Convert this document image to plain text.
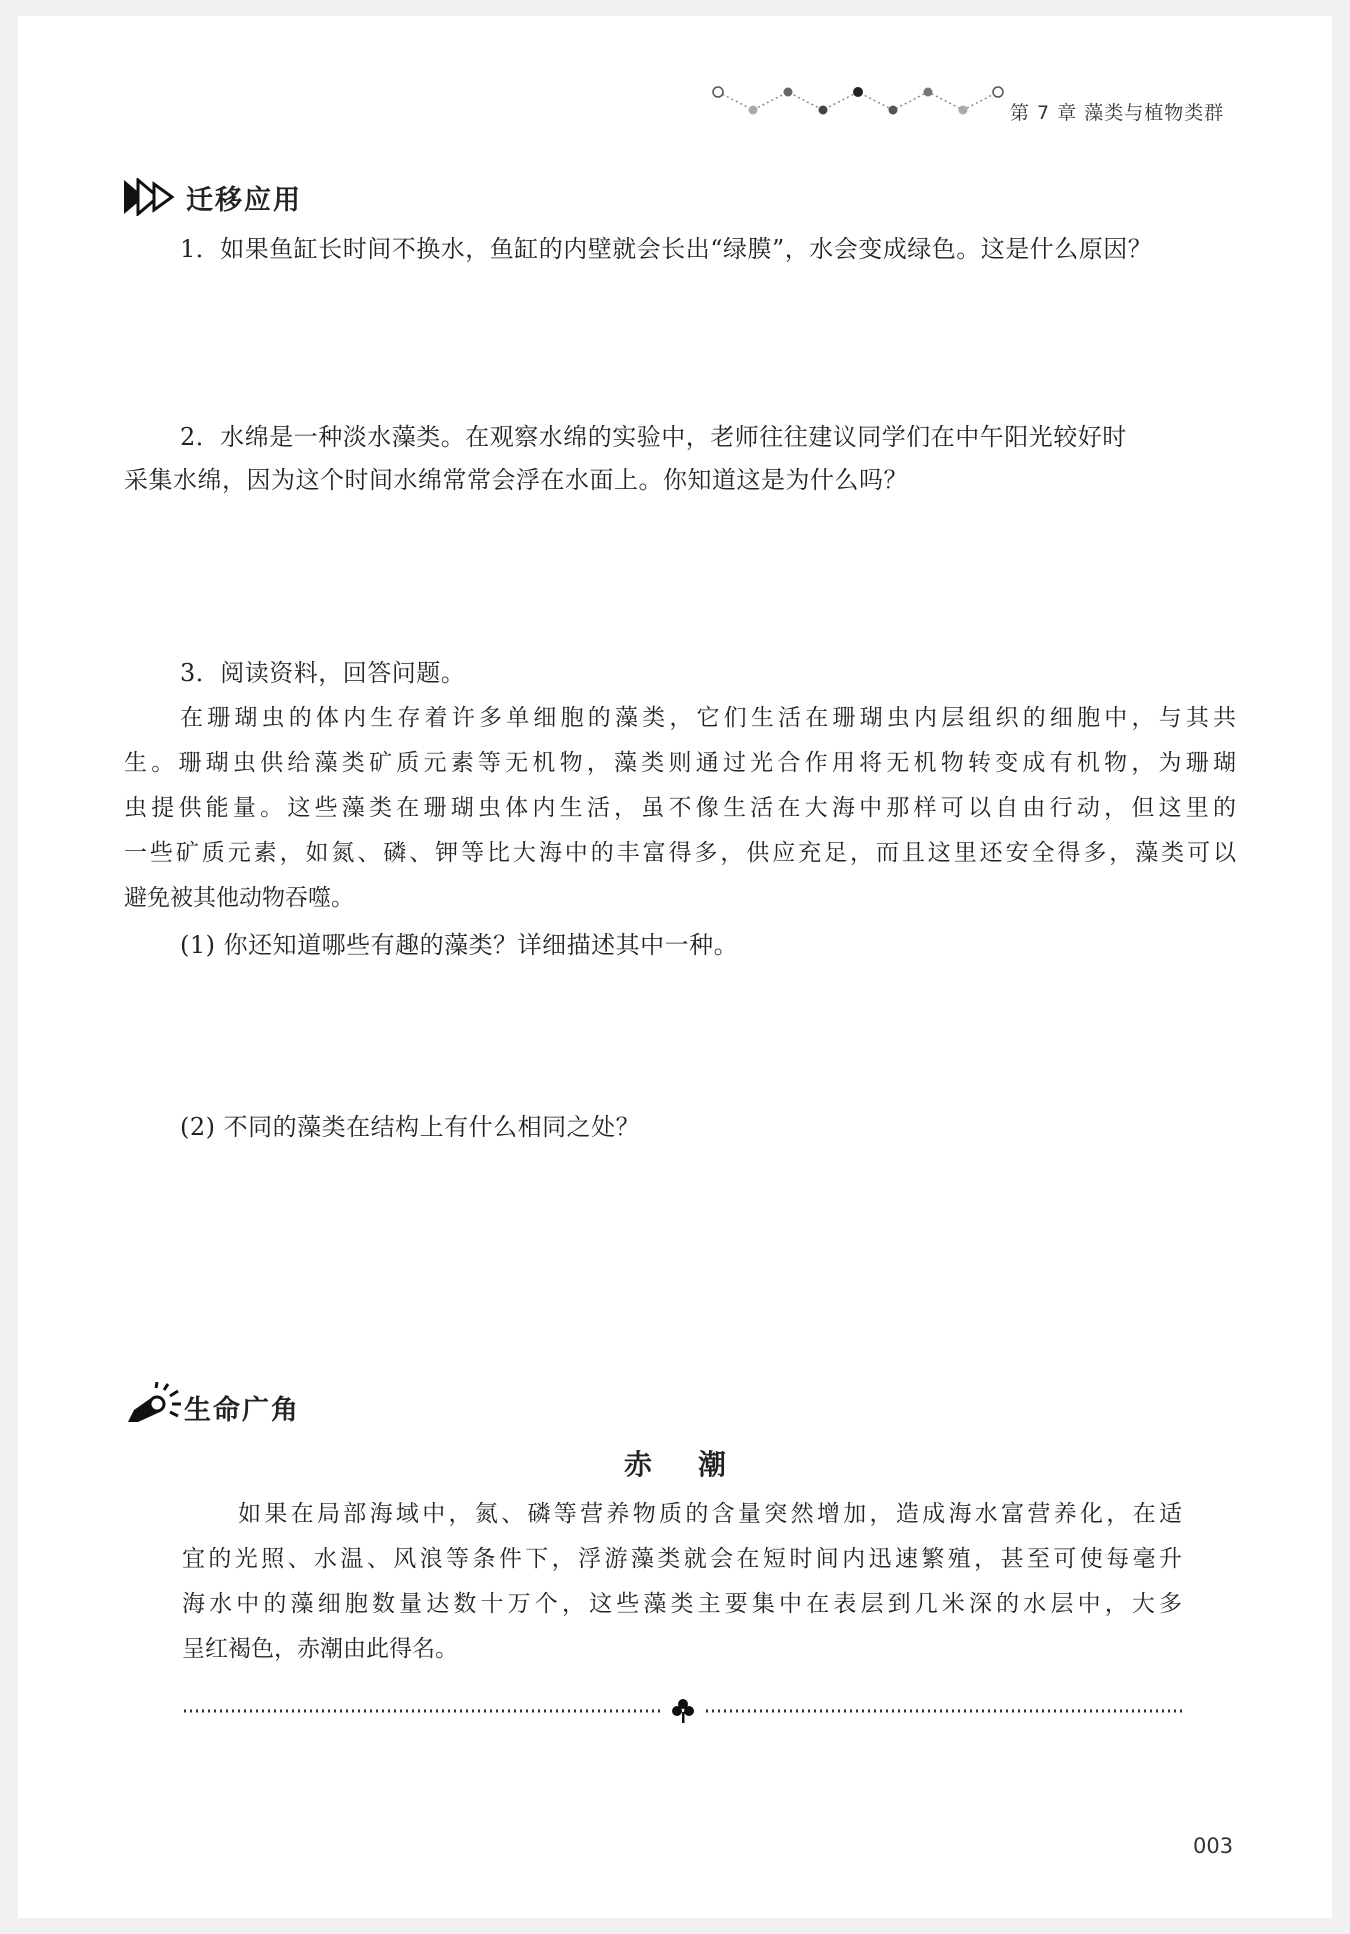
第 7 章 藻类与植物类群
迁移应用
1．如果鱼缸长时间不换水，鱼缸的内壁就会长出“绿膜”，水会变成绿色。这是什么原因？
2．水绵是一种淡水藻类。在观察水绵的实验中，老师往往建议同学们在中午阳光较好时
采集水绵，因为这个时间水绵常常会浮在水面上。你知道这是为什么吗？
3．阅读资料，回答问题。
在珊瑚虫的体内生存着许多单细胞的藻类，它们生活在珊瑚虫内层组织的细胞中，与其共
生。珊瑚虫供给藻类矿质元素等无机物，藻类则通过光合作用将无机物转变成有机物，为珊瑚
虫提供能量。这些藻类在珊瑚虫体内生活，虽不像生活在大海中那样可以自由行动，但这里的
一些矿质元素，如氮、磷、钾等比大海中的丰富得多，供应充足，而且这里还安全得多，藻类可以
避免被其他动物吞噬。
(1) 你还知道哪些有趣的藻类？详细描述其中一种。
(2) 不同的藻类在结构上有什么相同之处？
生命广角
赤潮
如果在局部海域中，氮、磷等营养物质的含量突然增加，造成海水富营养化，在适
宜的光照、水温、风浪等条件下，浮游藻类就会在短时间内迅速繁殖，甚至可使每毫升
海水中的藻细胞数量达数十万个，这些藻类主要集中在表层到几米深的水层中，大多
呈红褐色，赤潮由此得名。
003
